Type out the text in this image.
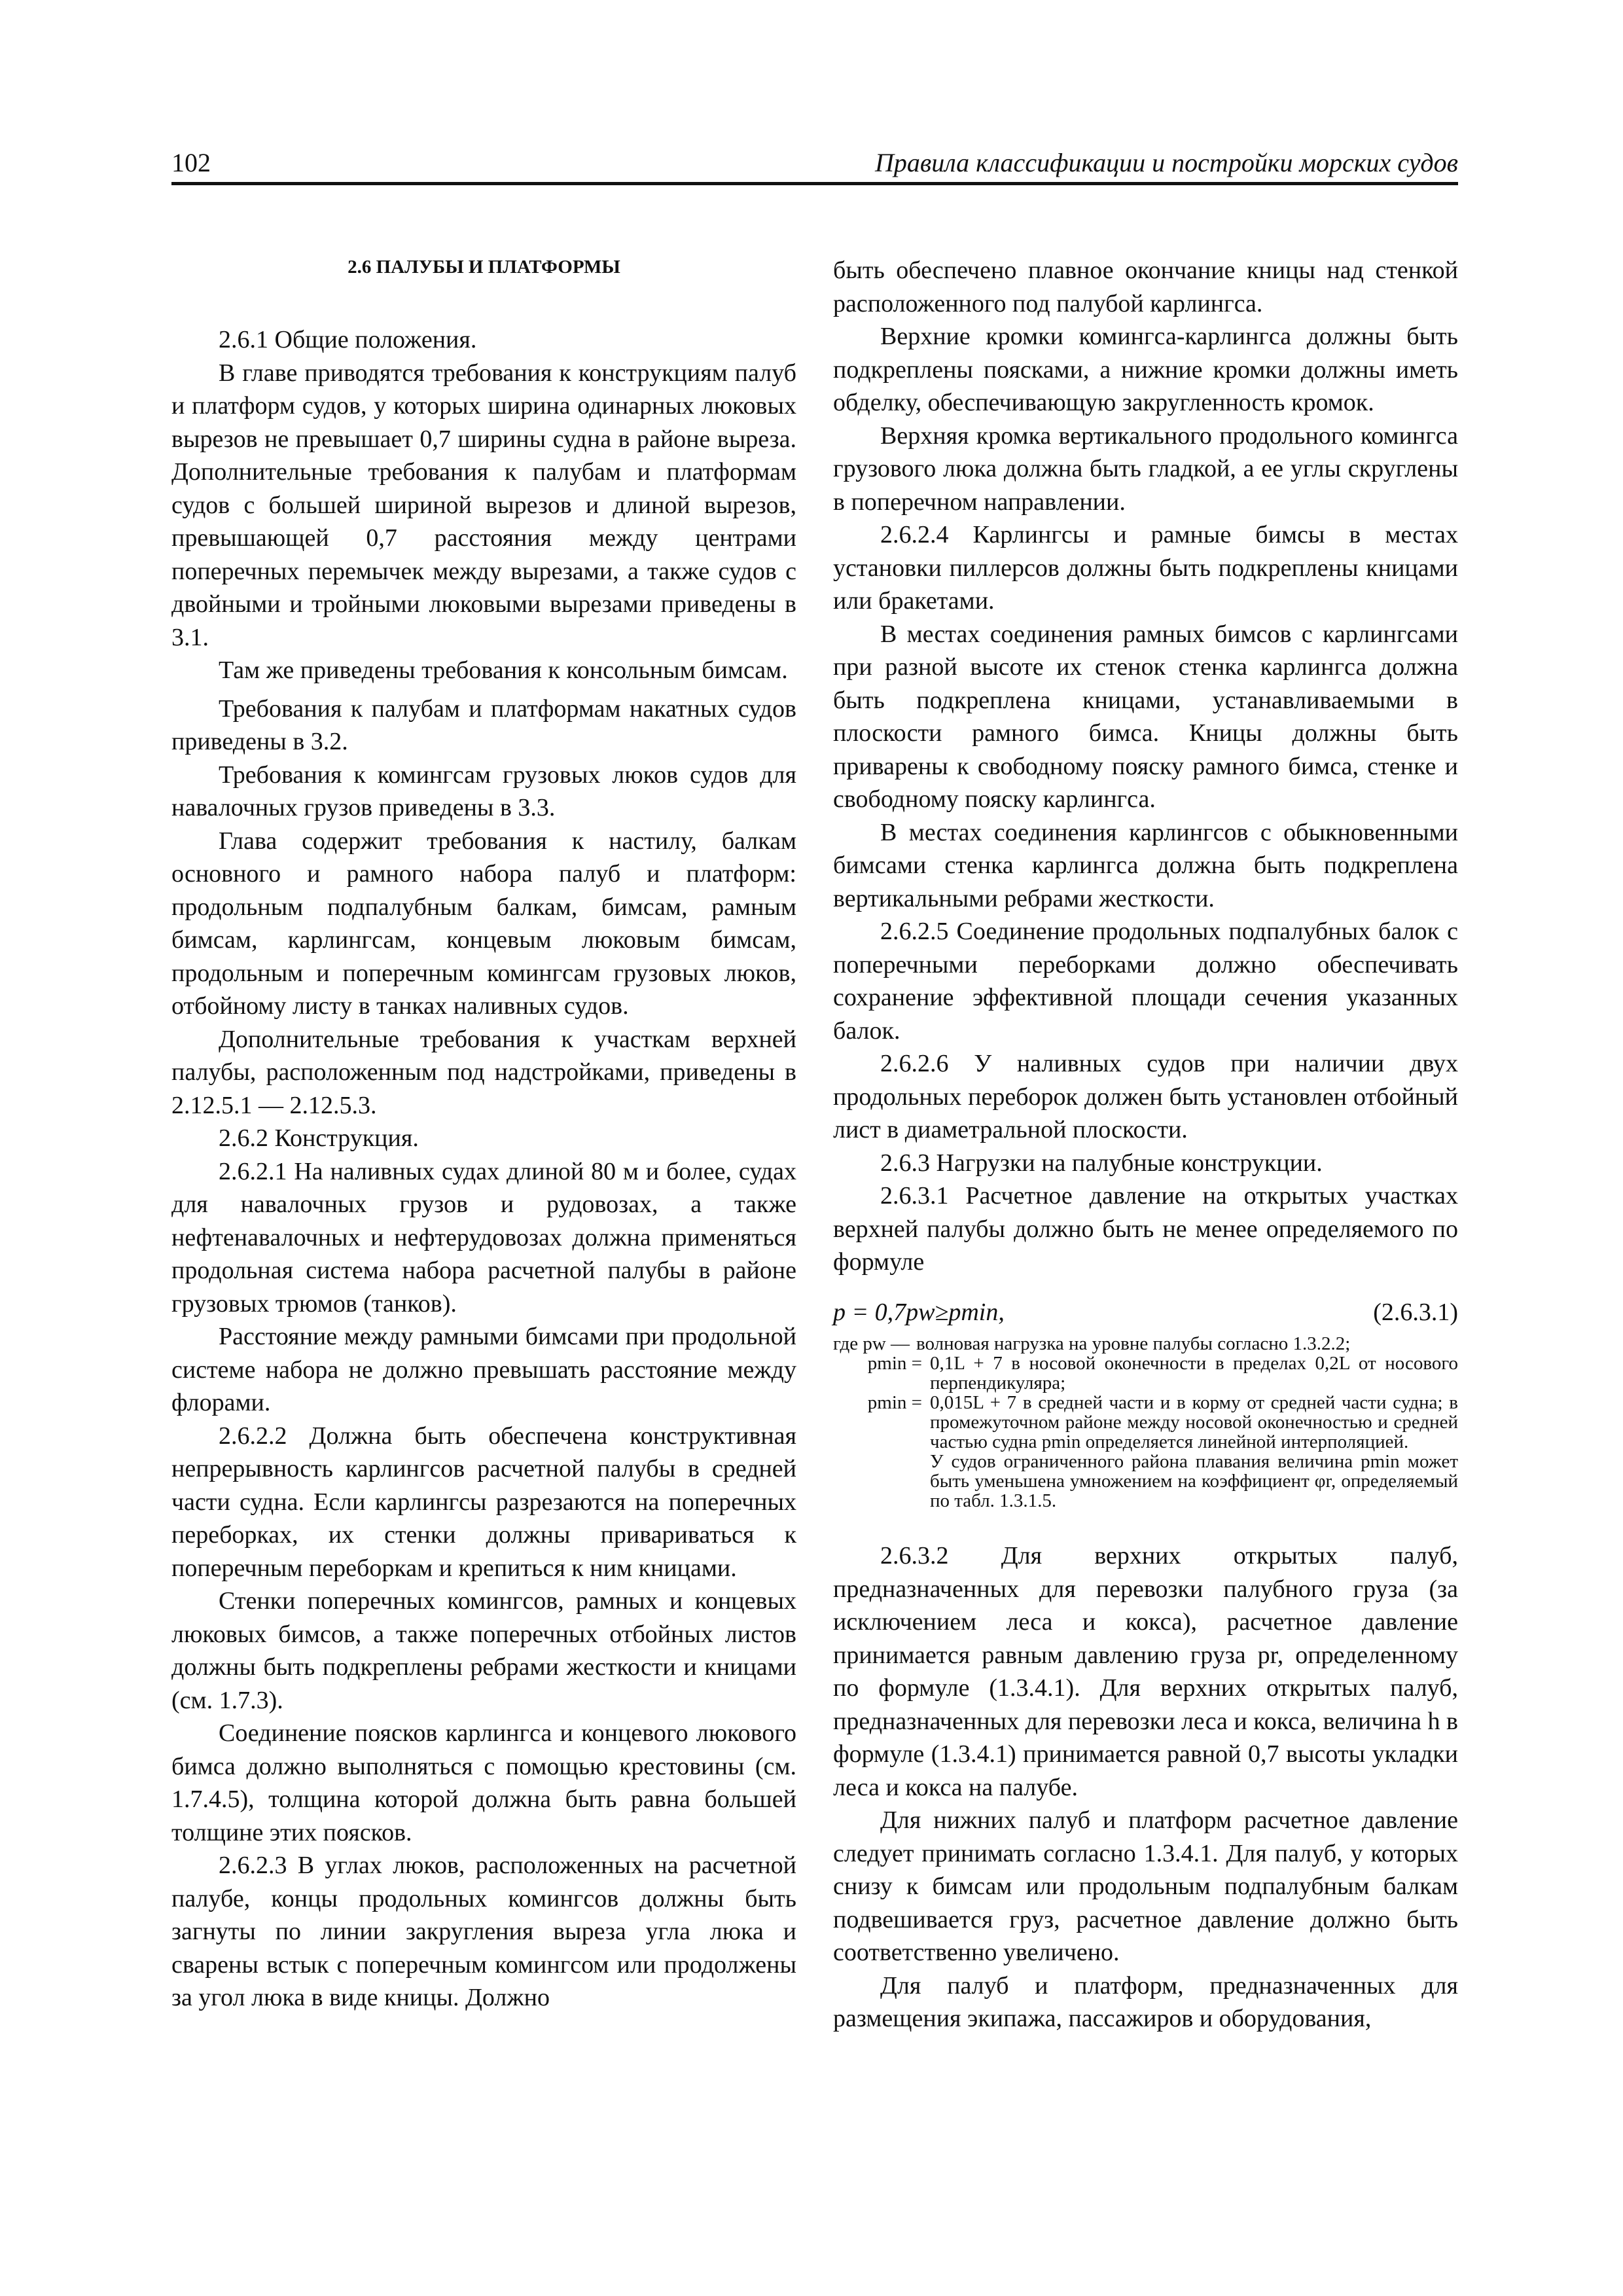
102	Правила классификации и постройки морских судов

2.6 ПАЛУБЫ И ПЛАТФОРМЫ

2.6.1 Общие положения.

В главе приводятся требования к конструкциям палуб и платформ судов, у которых ширина одинарных люковых вырезов не превышает 0,7 ширины судна в районе выреза. Дополнительные требования к палубам и платформам судов с большей шириной вырезов и длиной вырезов, превышающей 0,7 расстояния между центрами поперечных перемычек между вырезами, а также судов с двойными и тройными люковыми вырезами приведены в 3.1.

Там же приведены требования к консольным бимсам.

Требования к палубам и платформам накатных судов приведены в 3.2.

Требования к комингсам грузовых люков судов для навалочных грузов приведены в 3.3.

Глава содержит требования к настилу, балкам основного и рамного набора палуб и платформ: продольным подпалубным балкам, бимсам, рамным бимсам, карлингсам, концевым люковым бимсам, продольным и поперечным комингсам грузовых люков, отбойному листу в танках наливных судов.

Дополнительные требования к участкам верхней палубы, расположенным под надстройками, приведены в 2.12.5.1 — 2.12.5.3.

2.6.2 Конструкция.

2.6.2.1 На наливных судах длиной 80 м и более, судах для навалочных грузов и рудовозах, а также нефтенавалочных и нефтерудовозах должна применяться продольная система набора расчетной палубы в районе грузовых трюмов (танков).

Расстояние между рамными бимсами при продольной системе набора не должно превышать расстояние между флорами.

2.6.2.2 Должна быть обеспечена конструктивная непрерывность карлингсов расчетной палубы в средней части судна. Если карлингсы разрезаются на поперечных переборках, их стенки должны привариваться к поперечным переборкам и крепиться к ним кницами.

Стенки поперечных комингсов, рамных и концевых люковых бимсов, а также поперечных отбойных листов должны быть подкреплены ребрами жесткости и кницами (см. 1.7.3).

Соединение поясков карлингса и концевого люкового бимса должно выполняться с помощью крестовины (см. 1.7.4.5), толщина которой должна быть равна большей толщине этих поясков.

2.6.2.3 В углах люков, расположенных на расчетной палубе, концы продольных комингсов должны быть загнуты по линии закругления выреза угла люка и сварены встык с поперечным комингсом или продолжены за угол люка в виде кницы. Должно

быть обеспечено плавное окончание кницы над стенкой расположенного под палубой карлингса.

Верхние кромки комингса-карлингса должны быть подкреплены поясками, а нижние кромки должны иметь обделку, обеспечивающую закругленность кромок.

Верхняя кромка вертикального продольного комингса грузового люка должна быть гладкой, а ее углы скруглены в поперечном направлении.

2.6.2.4 Карлингсы и рамные бимсы в местах установки пиллерсов должны быть подкреплены кницами или бракетами.

В местах соединения рамных бимсов с карлингсами при разной высоте их стенок стенка карлингса должна быть подкреплена кницами, устанавливаемыми в плоскости рамного бимса. Кницы должны быть приварены к свободному пояску рамного бимса, стенке и свободному пояску карлингса.

В местах соединения карлингсов с обыкновенными бимсами стенка карлингса должна быть подкреплена вертикальными ребрами жесткости.

2.6.2.5 Соединение продольных подпалубных балок с поперечными переборками должно обеспечивать сохранение эффективной площади сечения указанных балок.

2.6.2.6 У наливных судов при наличии двух продольных переборок должен быть установлен отбойный лист в диаметральной плоскости.

2.6.3 Нагрузки на палубные конструкции.

2.6.3.1 Расчетное давление на открытых участках верхней палубы должно быть не менее определяемого по формуле

p = 0,7pw≥pmin,	(2.6.3.1)
где pw — волновая нагрузка на уровне палубы согласно 1.3.2.2;
pmin = 0,1L + 7 в носовой оконечности в пределах 0,2L от носового перпендикуляра;
pmin = 0,015L + 7 в средней части и в корму от средней части судна; в промежуточном районе между носовой оконечностью и средней частью судна pmin определяется линейной интерполяцией.
У судов ограниченного района плавания величина pmin может быть уменьшена умножением на коэффициент φr, определяемый по табл. 1.3.1.5.

2.6.3.2 Для верхних открытых палуб, предназначенных для перевозки палубного груза (за исключением леса и кокса), расчетное давление принимается равным давлению груза pr, определенному по формуле (1.3.4.1). Для верхних открытых палуб, предназначенных для перевозки леса и кокса, величина h в формуле (1.3.4.1) принимается равной 0,7 высоты укладки леса и кокса на палубе.

Для нижних палуб и платформ расчетное давление следует принимать согласно 1.3.4.1. Для палуб, у которых снизу к бимсам или продольным подпалубным балкам подвешивается груз, расчетное давление должно быть соответственно увеличено.

Для палуб и платформ, предназначенных для размещения экипажа, пассажиров и оборудования,
